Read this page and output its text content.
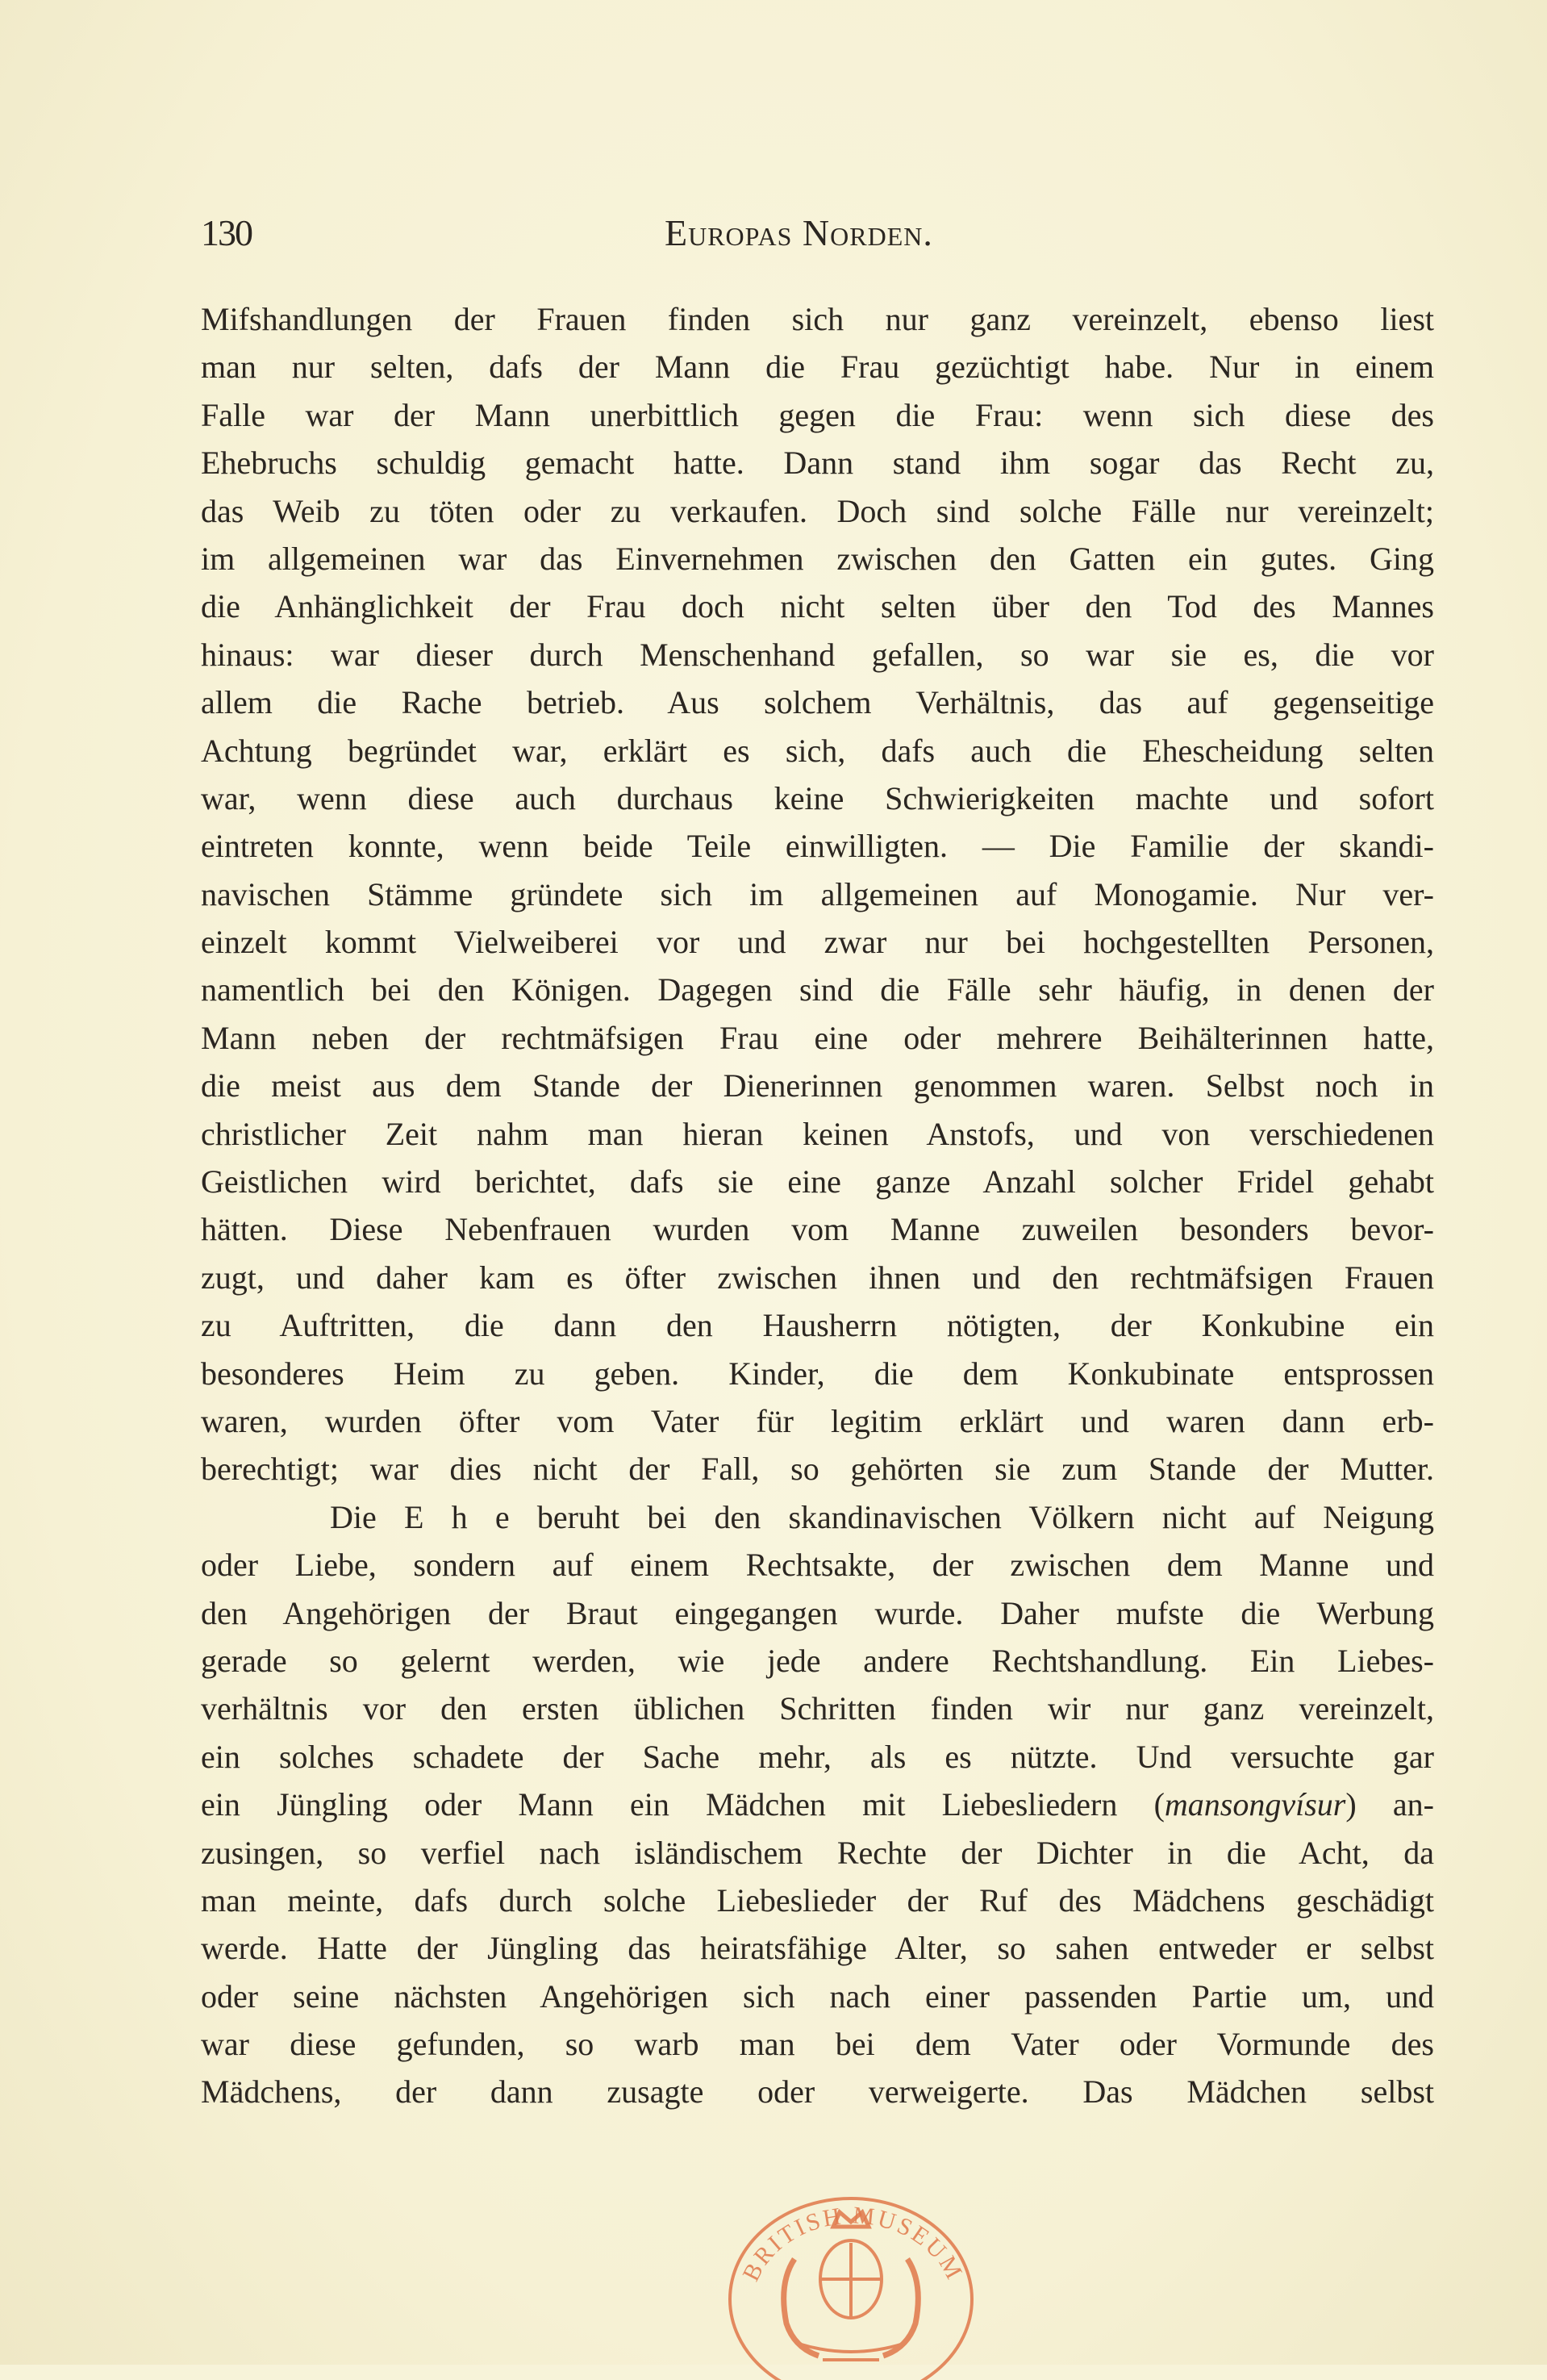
130	Europas Norden.
Mifshandlungen der Frauen finden sich nur ganz vereinzelt, ebenso liest
man nur selten, dafs der Mann die Frau gezüchtigt habe. Nur in einem
Falle war der Mann unerbittlich gegen die Frau: wenn sich diese des
Ehebruchs schuldig gemacht hatte. Dann stand ihm sogar das Recht zu,
das Weib zu töten oder zu verkaufen. Doch sind solche Fälle nur vereinzelt;
im allgemeinen war das Einvernehmen zwischen den Gatten ein gutes. Ging
die Anhänglichkeit der Frau doch nicht selten über den Tod des Mannes
hinaus: war dieser durch Menschenhand gefallen, so war sie es, die vor
allem die Rache betrieb. Aus solchem Verhältnis, das auf gegenseitige
Achtung begründet war, erklärt es sich, dafs auch die Ehescheidung selten
war, wenn diese auch durchaus keine Schwierigkeiten machte und sofort
eintreten konnte, wenn beide Teile einwilligten. — Die Familie der skandi-
navischen Stämme gründete sich im allgemeinen auf Monogamie. Nur ver-
einzelt kommt Vielweiberei vor und zwar nur bei hochgestellten Personen,
namentlich bei den Königen. Dagegen sind die Fälle sehr häufig, in denen der
Mann neben der rechtmäfsigen Frau eine oder mehrere Beihälterinnen hatte,
die meist aus dem Stande der Dienerinnen genommen waren. Selbst noch in
christlicher Zeit nahm man hieran keinen Anstofs, und von verschiedenen
Geistlichen wird berichtet, dafs sie eine ganze Anzahl solcher Fridel gehabt
hätten. Diese Nebenfrauen wurden vom Manne zuweilen besonders bevor-
zugt, und daher kam es öfter zwischen ihnen und den rechtmäfsigen Frauen
zu Auftritten, die dann den Hausherrn nötigten, der Konkubine ein
besonderes Heim zu geben. Kinder, die dem Konkubinate entsprossen
waren, wurden öfter vom Vater für legitim erklärt und waren dann erb-
berechtigt; war dies nicht der Fall, so gehörten sie zum Stande der Mutter.
Die E h e beruht bei den skandinavischen Völkern nicht auf Neigung
oder Liebe, sondern auf einem Rechtsakte, der zwischen dem Manne und
den Angehörigen der Braut eingegangen wurde. Daher mufste die Werbung
gerade so gelernt werden, wie jede andere Rechtshandlung. Ein Liebes-
verhältnis vor den ersten üblichen Schritten finden wir nur ganz vereinzelt,
ein solches schadete der Sache mehr, als es nützte. Und versuchte gar
ein Jüngling oder Mann ein Mädchen mit Liebesliedern (mansongvísur) an-
zusingen, so verfiel nach isländischem Rechte der Dichter in die Acht, da
man meinte, dafs durch solche Liebeslieder der Ruf des Mädchens geschädigt
werde. Hatte der Jüngling das heiratsfähige Alter, so sahen entweder er selbst
oder seine nächsten Angehörigen sich nach einer passenden Partie um, und
war diese gefunden, so warb man bei dem Vater oder Vormunde des
Mädchens, der dann zusagte oder verweigerte. Das Mädchen selbst
BRITISH MUSEUM
